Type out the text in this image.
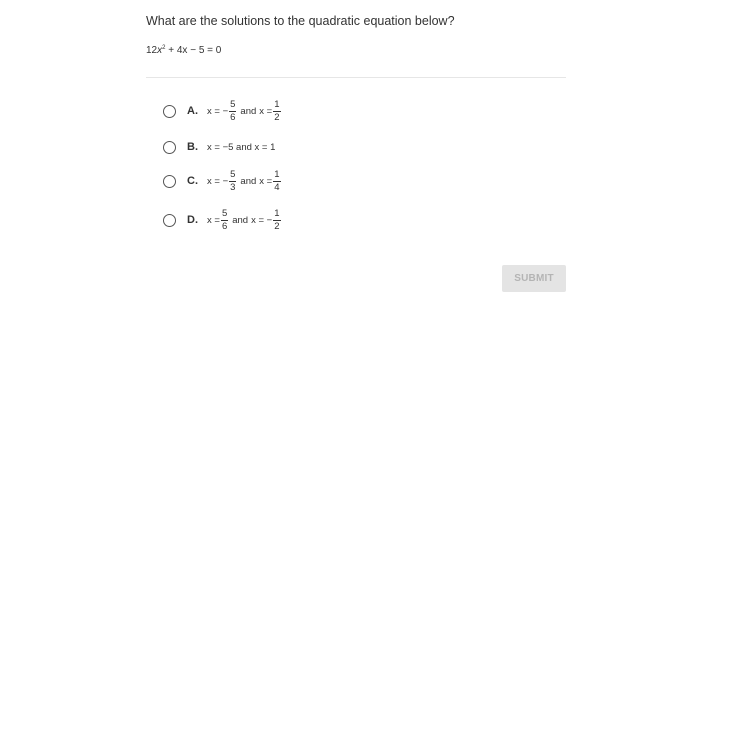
What are the solutions to the quadratic equation below?
$12x^2 + 4x - 5 = 0$
A. x = − $\frac{5}{6}$ and $x = \frac{1}{2}$
B. x = −5 and x = 1
C. x = − $\frac{5}{3}$ and $x = \frac{1}{4}$
D. $x = \frac{5}{6}$ and x = − $\frac{1}{2}$
SUBMIT
